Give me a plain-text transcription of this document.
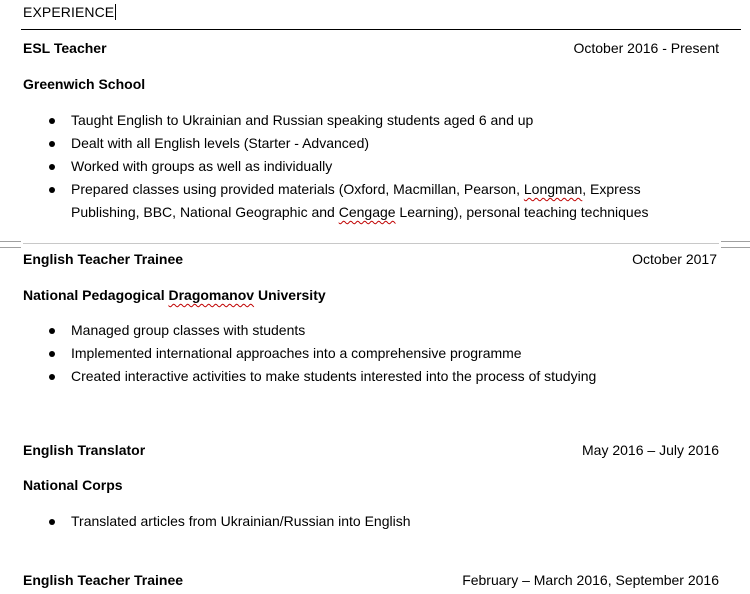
EXPERIENCE
ESL Teacher	October 2016 - Present
Greenwich School
Taught English to Ukrainian and Russian speaking students aged 6 and up
Dealt with all English levels (Starter - Advanced)
Worked with groups as well as individually
Prepared classes using provided materials (Oxford, Macmillan, Pearson, Longman, Express Publishing, BBC, National Geographic and Cengage Learning), personal teaching techniques
English Teacher Trainee	October 2017
National Pedagogical Dragomanov University
Managed group classes with students
Implemented international approaches into a comprehensive programme
Created interactive activities to make students interested into the process of studying
English Translator	May 2016 – July 2016
National Corps
Translated articles from Ukrainian/Russian into English
English Teacher Trainee	February – March 2016, September 2016
